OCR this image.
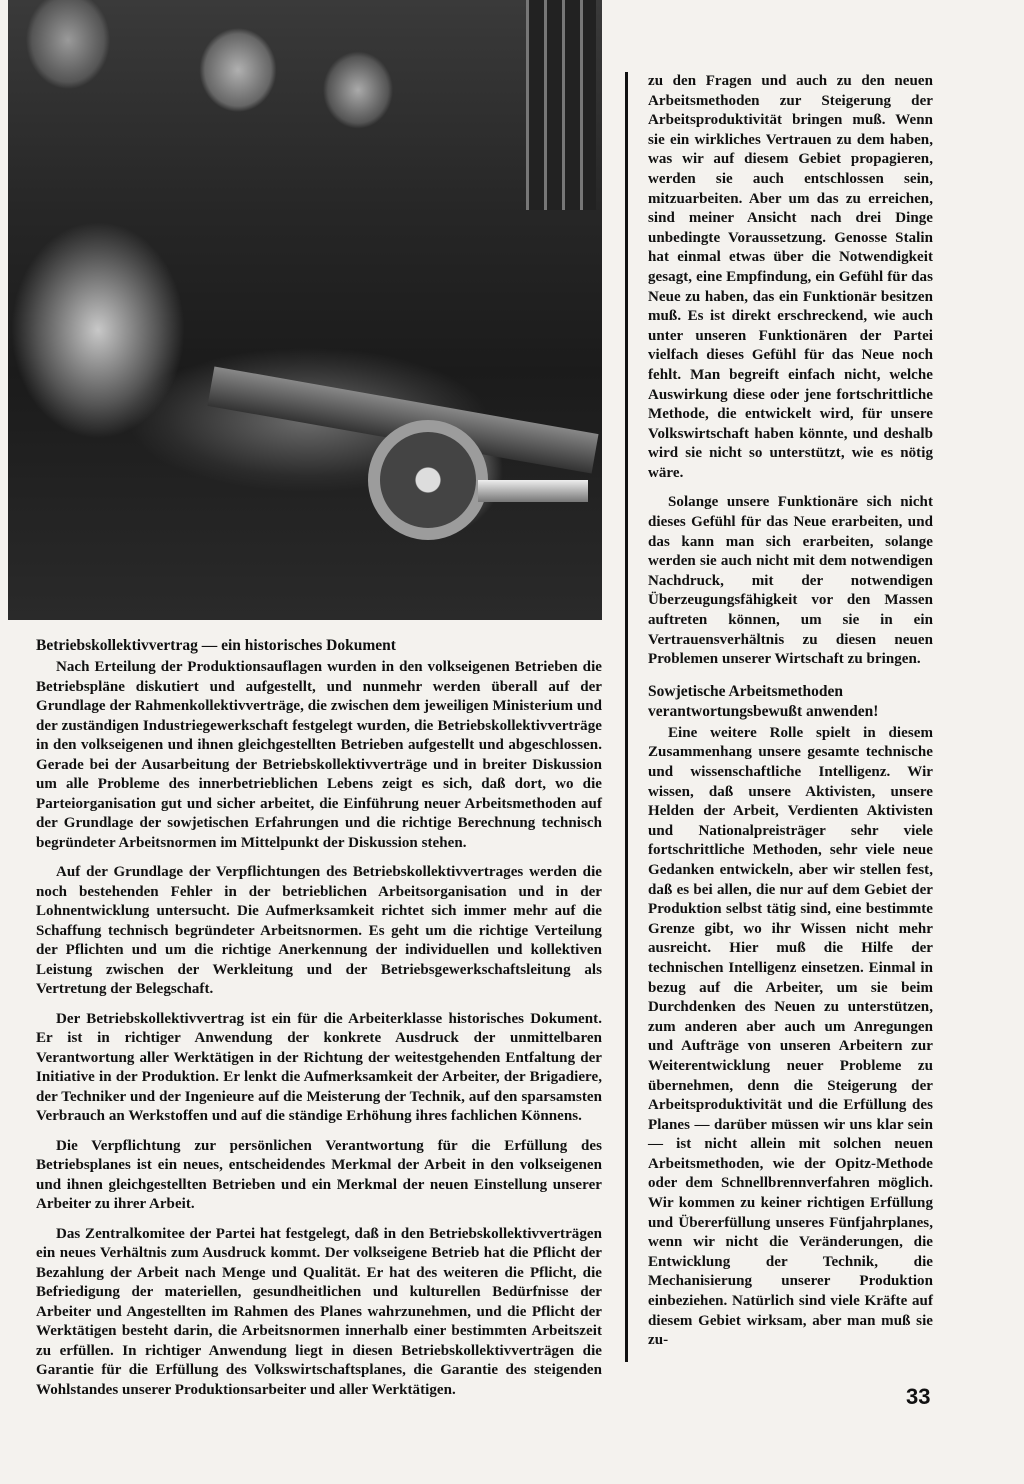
Betriebskollektivvertrag — ein historisches Dokument

Nach Erteilung der Produktionsauflagen wurden in den volkseigenen Betrieben die Betriebspläne diskutiert und aufgestellt, und nunmehr werden überall auf der Grundlage der Rahmenkollektivverträge, die zwischen dem jeweiligen Ministerium und der zuständigen Industriegewerkschaft festgelegt wurden, die Betriebskollektivverträge in den volkseigenen und ihnen gleichgestellten Betrieben aufgestellt und abgeschlossen. Gerade bei der Ausarbeitung der Betriebskollektivverträge und in breiter Diskussion um alle Probleme des innerbetrieblichen Lebens zeigt es sich, daß dort, wo die Parteiorganisation gut und sicher arbeitet, die Einführung neuer Arbeitsmethoden auf der Grundlage der sowjetischen Erfahrungen und die richtige Berechnung technisch begründeter Arbeitsnormen im Mittelpunkt der Diskussion stehen.

Auf der Grundlage der Verpflichtungen des Betriebskollektivvertrages werden die noch bestehenden Fehler in der betrieblichen Arbeitsorganisation und in der Lohnentwicklung untersucht. Die Aufmerksamkeit richtet sich immer mehr auf die Schaffung technisch begründeter Arbeitsnormen. Es geht um die richtige Verteilung der Pflichten und um die richtige Anerkennung der individuellen und kollektiven Leistung zwischen der Werkleitung und der Betriebsgewerkschaftsleitung als Vertretung der Belegschaft.

Der Betriebskollektivvertrag ist ein für die Arbeiterklasse historisches Dokument. Er ist in richtiger Anwendung der konkrete Ausdruck der unmittelbaren Verantwortung aller Werktätigen in der Richtung der weitestgehenden Entfaltung der Initiative in der Produktion. Er lenkt die Aufmerksamkeit der Arbeiter, der Brigadiere, der Techniker und der Ingenieure auf die Meisterung der Technik, auf den sparsamsten Verbrauch an Werkstoffen und auf die ständige Erhöhung ihres fachlichen Könnens.

Die Verpflichtung zur persönlichen Verantwortung für die Erfüllung des Betriebsplanes ist ein neues, entscheidendes Merkmal der Arbeit in den volkseigenen und ihnen gleichgestellten Betrieben und ein Merkmal der neuen Einstellung unserer Arbeiter zu ihrer Arbeit.

Das Zentralkomitee der Partei hat festgelegt, daß in den Betriebskollektivverträgen ein neues Verhältnis zum Ausdruck kommt. Der volkseigene Betrieb hat die Pflicht der Bezahlung der Arbeit nach Menge und Qualität. Er hat des weiteren die Pflicht, die Befriedigung der materiellen, gesundheitlichen und kulturellen Bedürfnisse der Arbeiter und Angestellten im Rahmen des Planes wahrzunehmen, und die Pflicht der Werktätigen besteht darin, die Arbeitsnormen innerhalb einer bestimmten Arbeitszeit zu erfüllen. In richtiger Anwendung liegt in diesen Betriebskollektivverträgen die Garantie für die Erfüllung des Volkswirtschaftsplanes, die Garantie des steigenden Wohlstandes unserer Produktionsarbeiter und aller Werktätigen.

zu den Fragen und auch zu den neuen Arbeitsmethoden zur Steigerung der Arbeitsproduktivität bringen muß. Wenn sie ein wirkliches Vertrauen zu dem haben, was wir auf diesem Gebiet propagieren, werden sie auch entschlossen sein, mitzuarbeiten. Aber um das zu erreichen, sind meiner Ansicht nach drei Dinge unbedingte Voraussetzung. Genosse Stalin hat einmal etwas über die Notwendigkeit gesagt, eine Empfindung, ein Gefühl für das Neue zu haben, das ein Funktionär besitzen muß. Es ist direkt erschreckend, wie auch unter unseren Funktionären der Partei vielfach dieses Gefühl für das Neue noch fehlt. Man begreift einfach nicht, welche Auswirkung diese oder jene fortschrittliche Methode, die entwickelt wird, für unsere Volkswirtschaft haben könnte, und deshalb wird sie nicht so unterstützt, wie es nötig wäre.

Solange unsere Funktionäre sich nicht dieses Gefühl für das Neue erarbeiten, und das kann man sich erarbeiten, solange werden sie auch nicht mit dem notwendigen Nachdruck, mit der notwendigen Überzeugungsfähigkeit vor den Massen auftreten können, um sie in ein Vertrauensverhältnis zu diesen neuen Problemen unserer Wirtschaft zu bringen.

Sowjetische Arbeitsmethoden verantwortungsbewußt anwenden!

Eine weitere Rolle spielt in diesem Zusammenhang unsere gesamte technische und wissenschaftliche Intelligenz. Wir wissen, daß unsere Aktivisten, unsere Helden der Arbeit, Verdienten Aktivisten und Nationalpreisträger sehr viele fortschrittliche Methoden, sehr viele neue Gedanken entwickeln, aber wir stellen fest, daß es bei allen, die nur auf dem Gebiet der Produktion selbst tätig sind, eine bestimmte Grenze gibt, wo ihr Wissen nicht mehr ausreicht. Hier muß die Hilfe der technischen Intelligenz einsetzen. Einmal in bezug auf die Arbeiter, um sie beim Durchdenken des Neuen zu unterstützen, zum anderen aber auch um Anregungen und Aufträge von unseren Arbeitern zur Weiterentwicklung neuer Probleme zu übernehmen, denn die Steigerung der Arbeitsproduktivität und die Erfüllung des Planes — darüber müssen wir uns klar sein — ist nicht allein mit solchen neuen Arbeitsmethoden, wie der Opitz-Methode oder dem Schnellbrennverfahren möglich. Wir kommen zu keiner richtigen Erfüllung und Übererfüllung unseres Fünfjahrplanes, wenn wir nicht die Veränderungen, die Entwicklung der Technik, die Mechanisierung unserer Produktion einbeziehen. Natürlich sind viele Kräfte auf diesem Gebiet wirksam, aber man muß sie zu-

33
